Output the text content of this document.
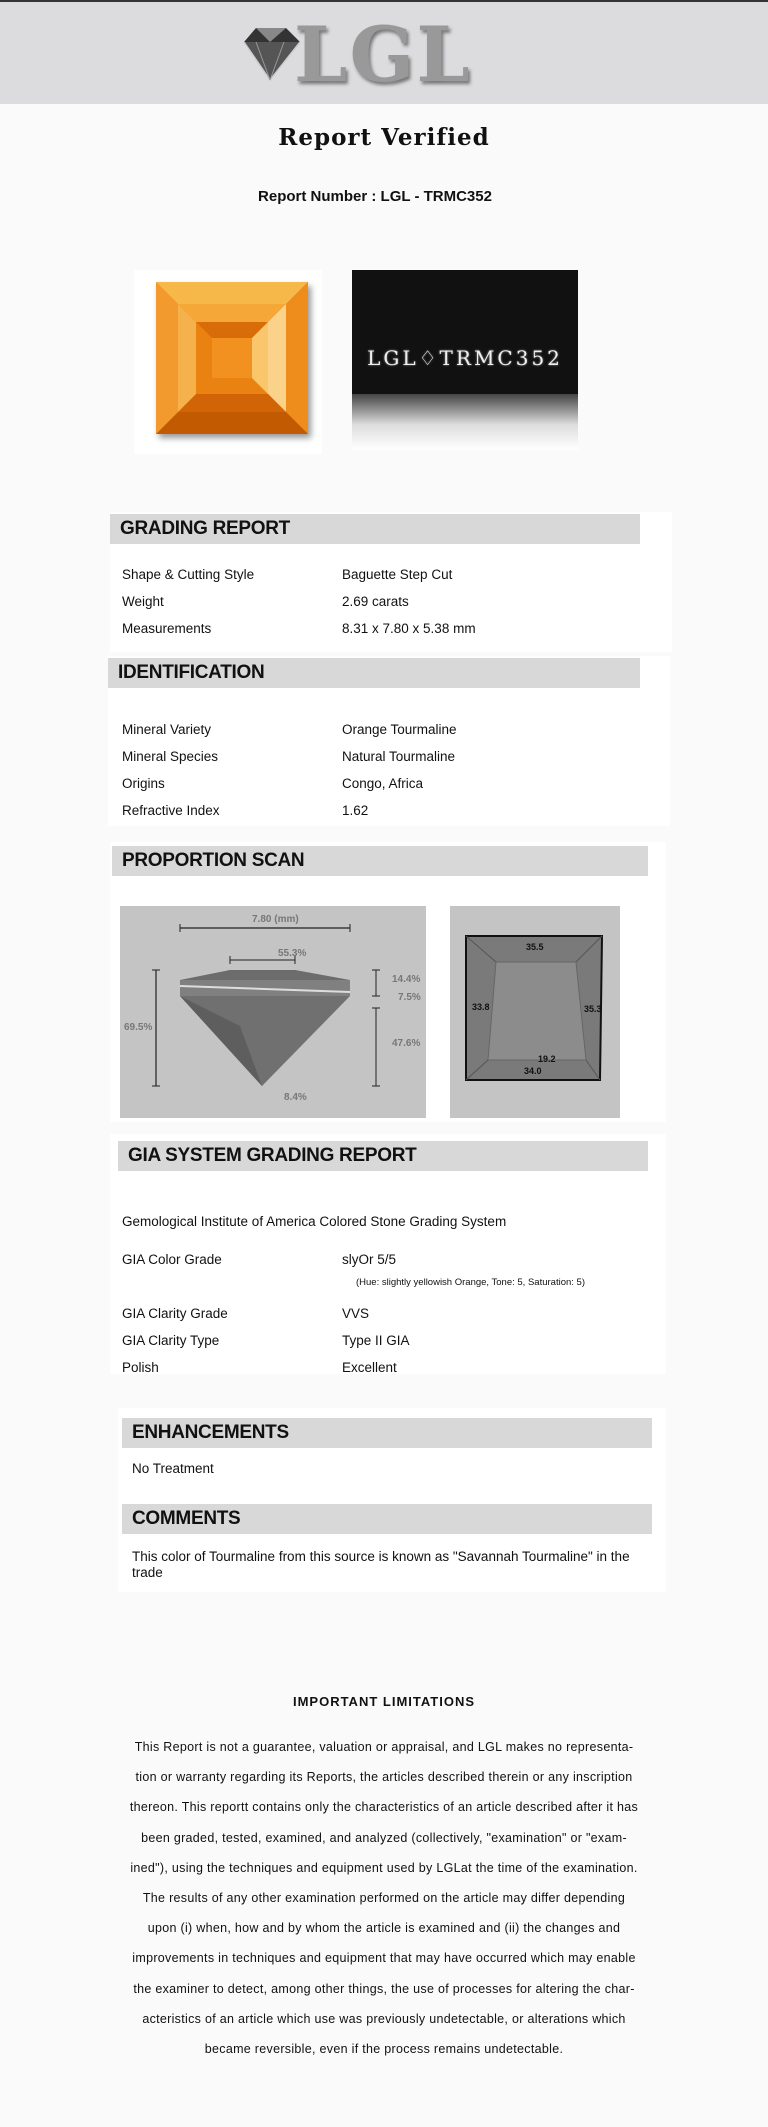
LGL
Report Verified
Report Number : LGL - TRMC352
LGL♢TRMC352
GRADING REPORT
Shape & Cutting Style	Baguette Step Cut
Weight	2.69 carats
Measurements	8.31 x 7.80 x 5.38 mm
IDENTIFICATION
Mineral Variety	Orange Tourmaline
Mineral Species	Natural Tourmaline
Origins	Congo, Africa
Refractive Index	1.62
PROPORTION SCAN
7.80 (mm)
55.3%
69.5%
14.4%
7.5%
47.6%
8.4%
35.5
33.8	35.3
19.2
34.0
GIA SYSTEM GRADING REPORT
Gemological Institute of America Colored Stone Grading System
GIA Color Grade	slyOr 5/5
(Hue: slightly yellowish Orange, Tone: 5, Saturation: 5)
GIA Clarity Grade	VVS
GIA Clarity Type	Type II GIA
Polish	Excellent
ENHANCEMENTS
No Treatment
COMMENTS
This color of Tourmaline from this source is known as "Savannah Tourmaline" in the trade
IMPORTANT LIMITATIONS
This Report is not a guarantee, valuation or appraisal, and LGL makes no representa-
tion or warranty regarding its Reports, the articles described therein or any inscription
thereon. This reportt contains only the characteristics of an article described after it has
been graded, tested, examined, and analyzed (collectively, "examination" or "exam-
ined"), using the techniques and equipment used by LGLat the time of the examination.
The results of any other examination performed on the article may differ depending
upon (i) when, how and by whom the article is examined and (ii) the changes and
improvements in techniques and equipment that may have occurred which may enable
the examiner to detect, among other things, the use of processes for altering the char-
acteristics of an article which use was previously undetectable, or alterations which
became reversible, even if the process remains undetectable.
